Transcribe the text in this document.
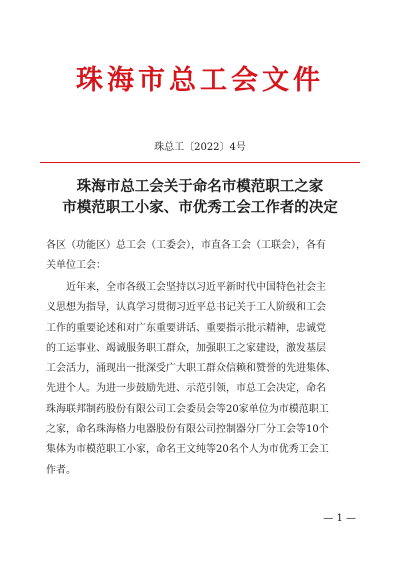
珠海市总工会文件
珠总工〔2022〕4号
珠海市总工会关于命名市模范职工之家
市模范职工小家、市优秀工会工作者的决定
各区（功能区）总工会（工委会），市直各工会（工联会），各有
关单位工会：
　　近年来，全市各级工会坚持以习近平新时代中国特色社会主
义思想为指导，认真学习贯彻习近平总书记关于工人阶级和工会
工作的重要论述和对广东重要讲话、重要指示批示精神，忠诚党
的工运事业、竭诚服务职工群众，加强职工之家建设，激发基层
工会活力，涌现出一批深受广大职工群众信赖和赞誉的先进集体、
先进个人。为进一步鼓励先进、示范引领，市总工会决定，命名
珠海联邦制药股份有限公司工会委员会等20家单位为市模范职工
之家，命名珠海格力电器股份有限公司控制器分厂分工会等10个
集体为市模范职工小家，命名王文纯等20名个人为市优秀工会工
作者。
— 1 —
